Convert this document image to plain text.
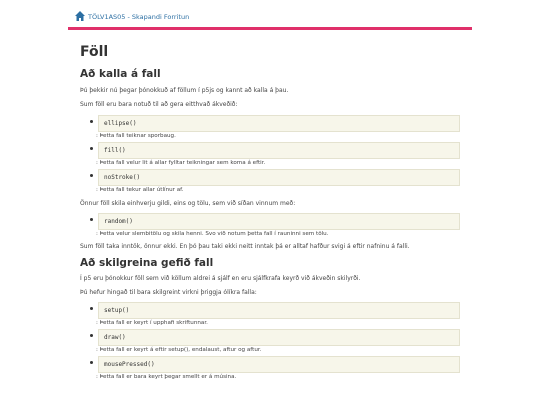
TÖLV1AS05 - Skapandi Forritun
Föll
Að kalla á fall

Þú þekkir nú þegar þónokkuð af föllum í p5js og kannt að kalla á þau.

Sum föll eru bara notuð til að gera eitthvað ákveðið:

ellipse()
: Þetta fall teiknar sporbaug.
fill()
: Þetta fall velur lit á allar fylltar teikningar sem koma á eftir.
noStroke()
: Þetta fall tekur allar útlínur af.

Önnur föll skila einhverju gildi, eins og tölu, sem við síðan vinnum með:

random()
: Þetta velur slembitölu og skila henni. Svo við notum þetta fall í rauninni sem tölu.

Sum föll taka inntök, önnur ekki. En þó þau taki ekki neitt inntak þá er alltaf hafður svigi á eftir nafninu á falli.

Að skilgreina gefið fall

Í p5 eru þónokkur föll sem við köllum aldrei á sjálf en eru sjálfkrafa keyrð við ákveðin skilyrði.

Þú hefur hingað til bara skilgreint virkni þriggja ólíkra falla:

setup()
: Þetta fall er keyrt í upphafi skriftunnar.
draw()
: Þetta fall er keyrt á eftir setup(), endalaust, aftur og aftur.
mousePressed()
: Þetta fall er bara keyrt þegar smellt er á músina.
